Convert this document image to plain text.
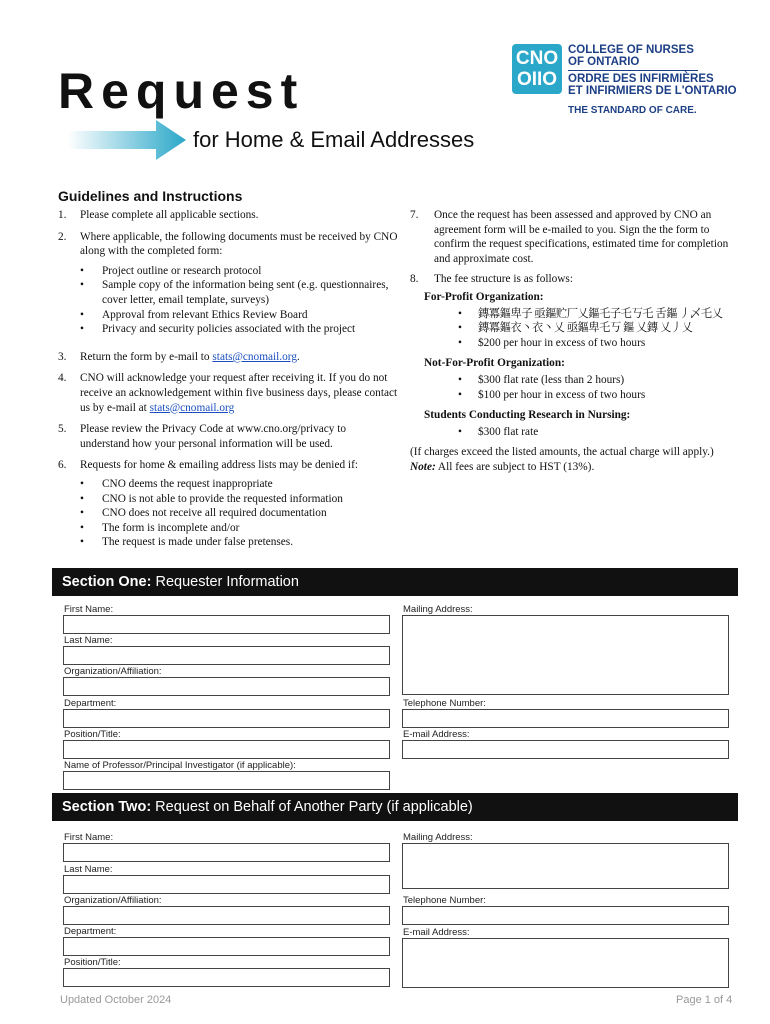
Request
for Home & Email Addresses
CNO
OIIO
COLLEGE OF NURSES
OF ONTARIO
ORDRE DES INFIRMIÈRES
ET INFIRMIERS DE L'ONTARIO
THE STANDARD OF CARE.
Guidelines and Instructions
1.	Please complete all applicable sections.
2.	Where applicable, the following documents must be received by CNO along with the completed form:
•	Project outline or research protocol
•	Sample copy of the information being sent (e.g. questionnaires, cover letter, email template, surveys)
•	Approval from relevant Ethics Review Board
•	Privacy and security policies associated with the project
3.	Return the form by e-mail to stats@cnomail.org.
4.	CNO will acknowledge your request after receiving it. If you do not receive an acknowledgement within five business days, please contact us by e-mail at stats@cnomail.org
5.	Please review the Privacy Code at www.cno.org/privacy to understand how your personal information will be used.
6.	Requests for home & emailing address lists may be denied if:
•	CNO deems the request inappropriate
•	CNO is not able to provide the requested information
•	CNO does not receive all required documentation
•	The form is incomplete and/or
•	The request is made under false pretenses.
7.	Once the request has been assessed and approved by CNO an agreement form will be e-mailed to you. Sign the the form to confirm the request specifications, estimated time for completion and approximate cost.
8.	The fee structure is as follows:
For-Profit Organization:
•	鏄冪鏂卑子 亟鏂贮厂乂鏂乇子乇丂乇 舌鏂 丿乄乇乂
•	鏄冪鏂衣丶衣丶乂 亟鏂卑乇丂 鏂 乂鏄 乂丿乂
•	$200 per hour in excess of two hours
Not-For-Profit Organization:
•	$300 flat rate (less than 2 hours)
•	$100 per hour in excess of two hours
Students Conducting Research in Nursing:
•	$300 flat rate
(If charges exceed the listed amounts, the actual charge will apply.)
Note: All fees are subject to HST (13%).
Section One: Requester Information
First Name:
Last Name:
Organization/Affiliation:
Department:
Position/Title:
Name of Professor/Principal Investigator (if applicable):
Mailing Address:
Telephone Number:
E-mail Address:
Section Two: Request on Behalf of Another Party (if applicable)
First Name:
Last Name:
Organization/Affiliation:
Department:
Position/Title:
Mailing Address:
Telephone Number:
E-mail Address:
Updated October 2024	Page 1 of 4
